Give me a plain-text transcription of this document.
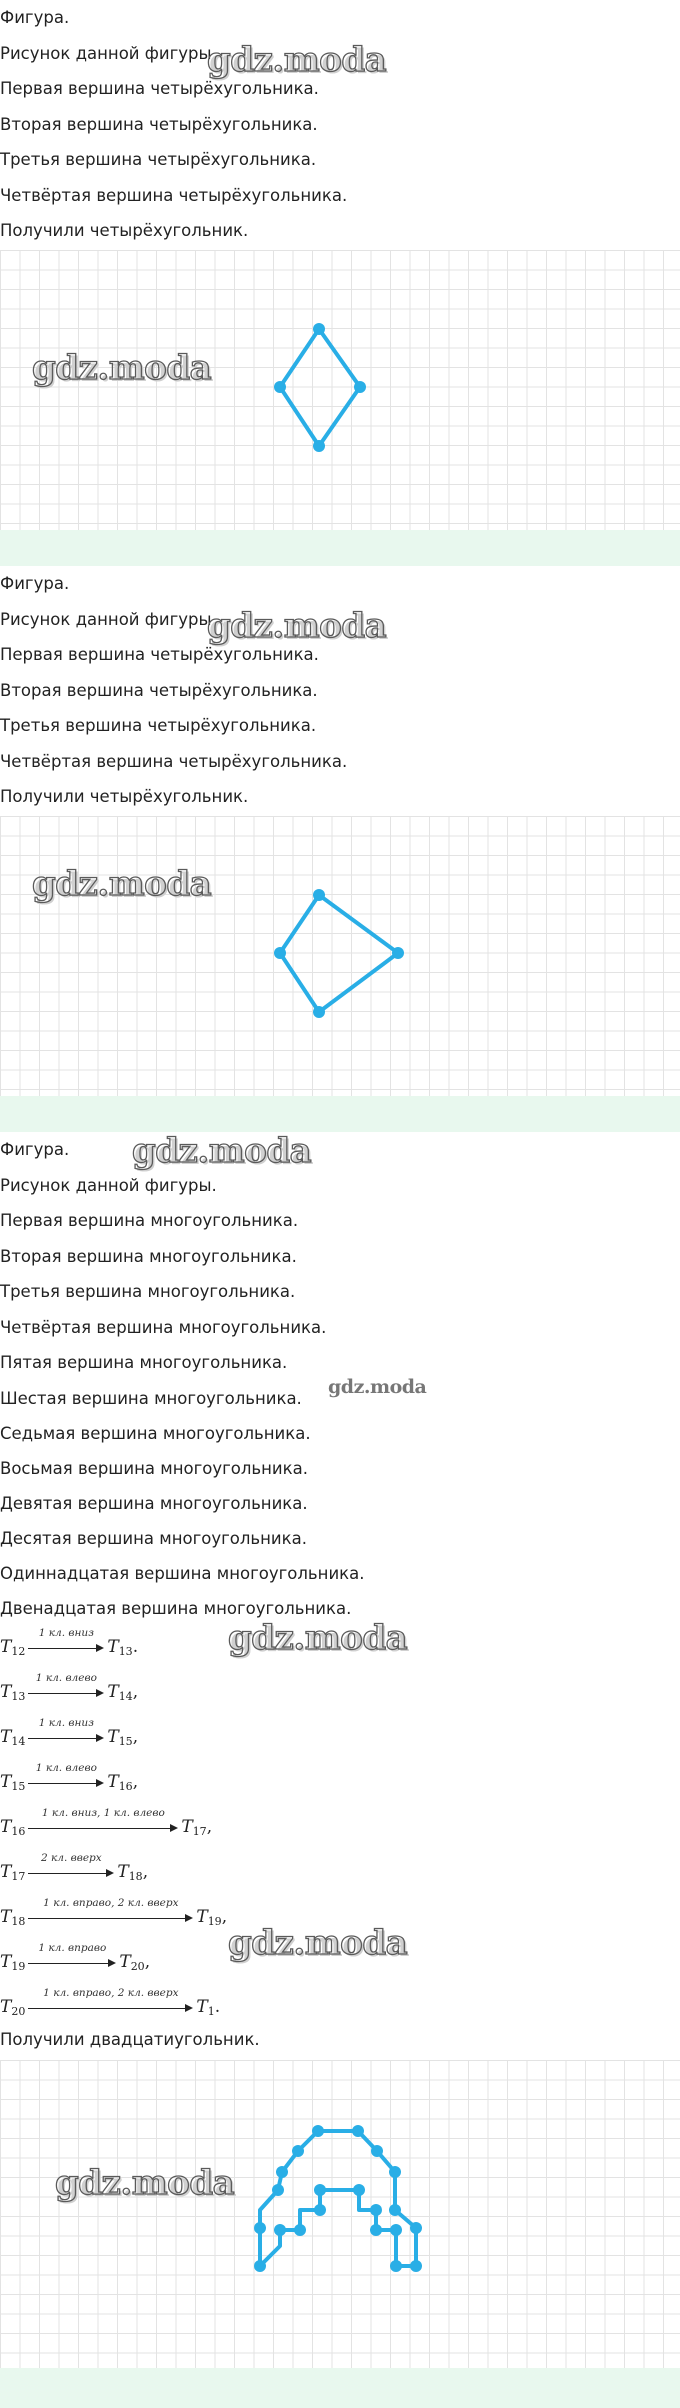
Фигура.
Рисунок данной фигуры.
Первая вершина четырёхугольника.
Вторая вершина четырёхугольника.
Третья вершина четырёхугольника.
Четвёртая вершина четырёхугольника.
Получили четырёхугольник.
gdz.moda
gdz.moda
Фигура.
Рисунок данной фигуры.
Первая вершина четырёхугольника.
Вторая вершина четырёхугольника.
Третья вершина четырёхугольника.
Четвёртая вершина четырёхугольника.
Получили четырёхугольник.
gdz.moda
gdz.moda
Фигура.
Рисунок данной фигуры.
Первая вершина многоугольника.
Вторая вершина многоугольника.
Третья вершина многоугольника.
Четвёртая вершина многоугольника.
Пятая вершина многоугольника.
Шестая вершина многоугольника.
Седьмая вершина многоугольника.
Восьмая вершина многоугольника.
Девятая вершина многоугольника.
Десятая вершина многоугольника.
Одиннадцатая вершина многоугольника.
Двенадцатая вершина многоугольника.
gdz.moda
gdz.moda
$T_{12}$
1 кл. вниз
$T_{13}$.
$T_{13}$
1 кл. влево
$T_{14}$,
$T_{14}$
1 кл. вниз
$T_{15}$,
$T_{15}$
1 кл. влево
$T_{16}$,
$T_{16}$
1 кл. вниз, 1 кл. влево
$T_{17}$,
$T_{17}$
2 кл. вверх
$T_{18}$,
$T_{18}$
1 кл. вправо, 2 кл. вверх
$T_{19}$,
$T_{19}$
1 кл. вправо
$T_{20}$,
$T_{20}$
1 кл. вправо, 2 кл. вверх
$T_1$.
gdz.moda
gdz.moda
Получили двадцатиугольник.
gdz.moda
